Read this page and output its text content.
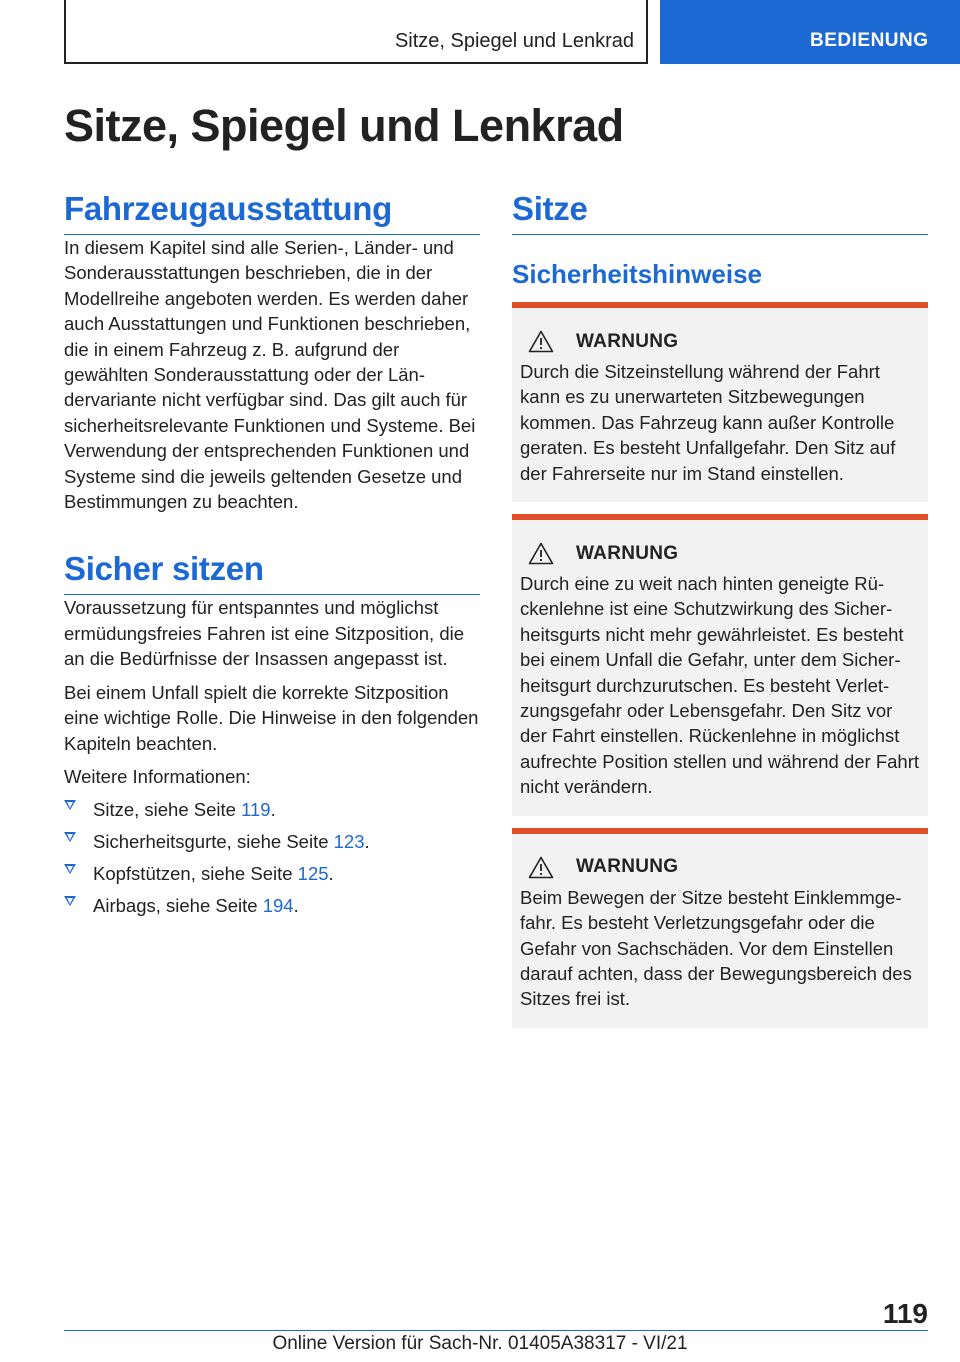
Sitze, Spiegel und Lenkrad	BEDIENUNG
Sitze, Spiegel und Lenkrad
Fahrzeugausstattung

In diesem Kapitel sind alle Serien-, Länder- und Sonderausstattungen beschrieben, die in der Modellreihe angeboten werden. Es werden daher auch Ausstattungen und Funktionen beschrieben, die in einem Fahrzeug z. B. aufgrund der gewählten Sonderausstattung oder der Ländervariante nicht verfügbar sind. Das gilt auch für sicherheitsrelevante Funktionen und Systeme. Bei Verwendung der entsprechenden Funktionen und Systeme sind die jeweils geltenden Gesetze und Bestimmungen zu beachten.

Sicher sitzen

Voraussetzung für entspanntes und möglichst ermüdungsfreies Fahren ist eine Sitzposition, die an die Bedürfnisse der Insassen angepasst ist.

Bei einem Unfall spielt die korrekte Sitzposition eine wichtige Rolle. Die Hinweise in den folgenden Kapiteln beachten.

Weitere Informationen:

Sitze, siehe Seite 119.
Sicherheitsgurte, siehe Seite 123.
Kopfstützen, siehe Seite 125.
Airbags, siehe Seite 194.
Sitze
Sicherheitshinweise
WARNUNG

Durch die Sitzeinstellung während der Fahrt kann es zu unerwarteten Sitzbewegungen kommen. Das Fahrzeug kann außer Kontrolle geraten. Es besteht Unfallgefahr. Den Sitz auf der Fahrerseite nur im Stand einstellen.

WARNUNG

Durch eine zu weit nach hinten geneigte Rückenlehne ist eine Schutzwirkung des Sicherheitsgurts nicht mehr gewährleistet. Es besteht bei einem Unfall die Gefahr, unter dem Sicherheitsgurt durchzurutschen. Es besteht Verletzungsgefahr oder Lebensgefahr. Den Sitz vor der Fahrt einstellen. Rückenlehne in möglichst aufrechte Position stellen und während der Fahrt nicht verändern.

WARNUNG

Beim Bewegen der Sitze besteht Einklemmgefahr. Es besteht Verletzungsgefahr oder die Gefahr von Sachschäden. Vor dem Einstellen darauf achten, dass der Bewegungsbereich des Sitzes frei ist.

119
Online Version für Sach-Nr. 01405A38317 - VI/21
